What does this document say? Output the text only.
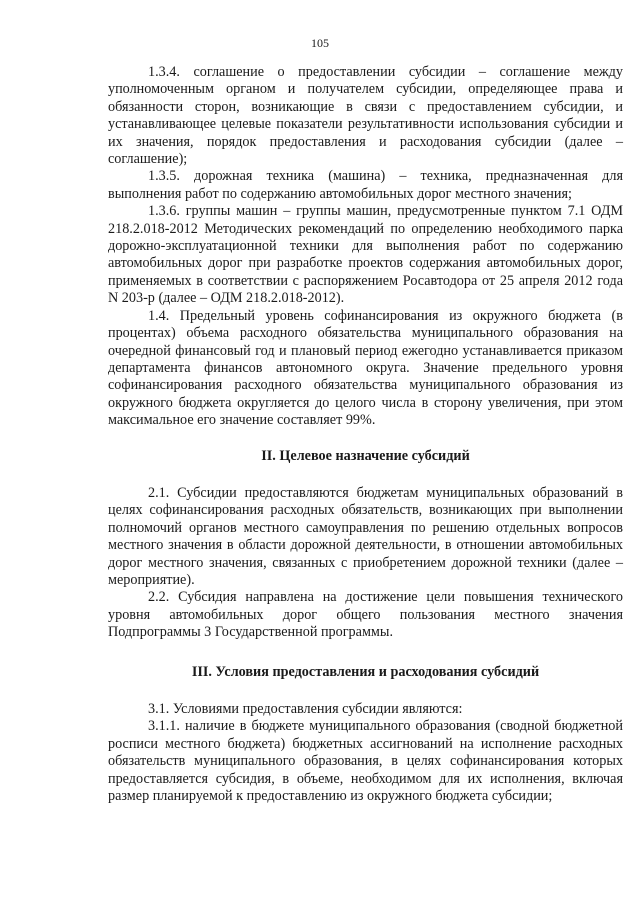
105

1.3.4. соглашение о предоставлении субсидии – соглашение между уполномоченным органом и получателем субсидии, определяющее права и обязанности сторон, возникающие в связи с предоставлением субсидии, и устанавливающее целевые показатели результативности использования субсидии и их значения, порядок предоставления и расходования субсидии (далее – соглашение);

1.3.5. дорожная техника (машина) – техника, предназначенная для выполнения работ по содержанию автомобильных дорог местного значения;

1.3.6. группы машин – группы машин, предусмотренные пунктом 7.1 ОДМ 218.2.018-2012 Методических рекомендаций по определению необходимого парка дорожно-эксплуатационной техники для выполнения работ по содержанию автомобильных дорог при разработке проектов содержания автомобильных дорог, применяемых в соответствии с распоряжением Росавтодора от 25 апреля 2012 года N 203-р (далее – ОДМ 218.2.018-2012).

1.4. Предельный уровень софинансирования из окружного бюджета (в процентах) объема расходного обязательства муниципального образования на очередной финансовый год и плановый период ежегодно устанавливается приказом департамента финансов автономного округа. Значение предельного уровня софинансирования расходного обязательства муниципального образования из окружного бюджета округляется до целого числа в сторону увеличения, при этом максимальное его значение составляет 99%.

II. Целевое назначение субсидий

2.1. Субсидии предоставляются бюджетам муниципальных образований в целях софинансирования расходных обязательств, возникающих при выполнении полномочий органов местного самоуправления по решению отдельных вопросов местного значения в области дорожной деятельности, в отношении автомобильных дорог местного значения, связанных с приобретением дорожной техники (далее – мероприятие).

2.2. Субсидия направлена на достижение цели повышения технического уровня автомобильных дорог общего пользования местного значения Подпрограммы 3 Государственной программы.

III. Условия предоставления и расходования субсидий

3.1. Условиями предоставления субсидии являются:

3.1.1. наличие в бюджете муниципального образования (сводной бюджетной росписи местного бюджета) бюджетных ассигнований на исполнение расходных обязательств муниципального образования, в целях софинансирования которых предоставляется субсидия, в объеме, необходимом для их исполнения, включая размер планируемой к предоставлению из окружного бюджета субсидии;
